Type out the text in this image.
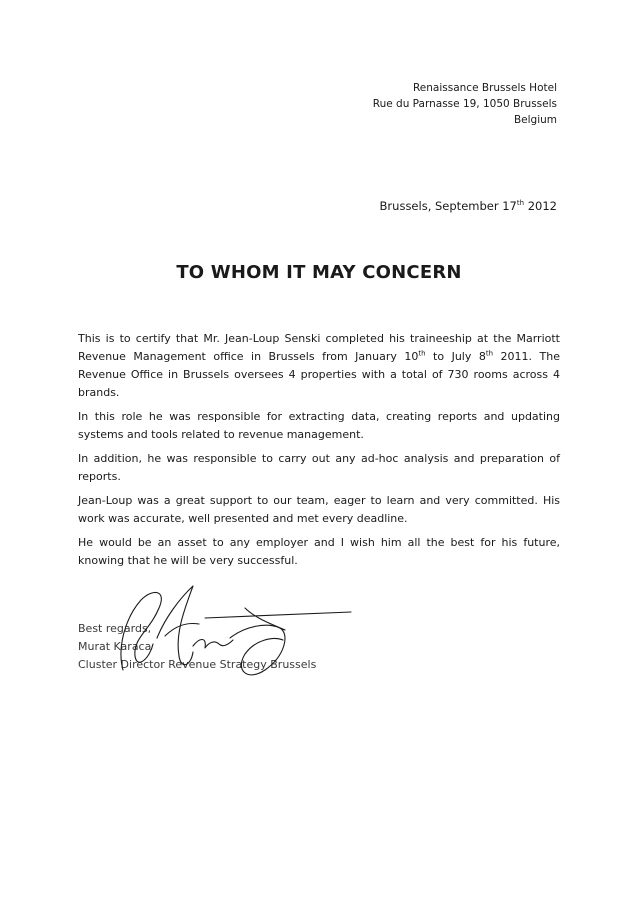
Renaissance Brussels Hotel
Rue du Parnasse 19, 1050 Brussels
Belgium
Brussels, September 17th 2012
TO WHOM IT MAY CONCERN

This is to certify that Mr. Jean-Loup Senski completed his traineeship at the Marriott Revenue Management office in Brussels from January 10th to July 8th 2011. The Revenue Office in Brussels oversees 4 properties with a total of 730 rooms across 4 brands.

In this role he was responsible for extracting data, creating reports and updating systems and tools related to revenue management.

In addition, he was responsible to carry out any ad-hoc analysis and preparation of reports.

Jean-Loup was a great support to our team, eager to learn and very committed. His work was accurate, well presented and met every deadline.

He would be an asset to any employer and I wish him all the best for his future, knowing that he will be very successful.

Best regards,
Murat Karaca
Cluster Director Revenue Strategy Brussels
